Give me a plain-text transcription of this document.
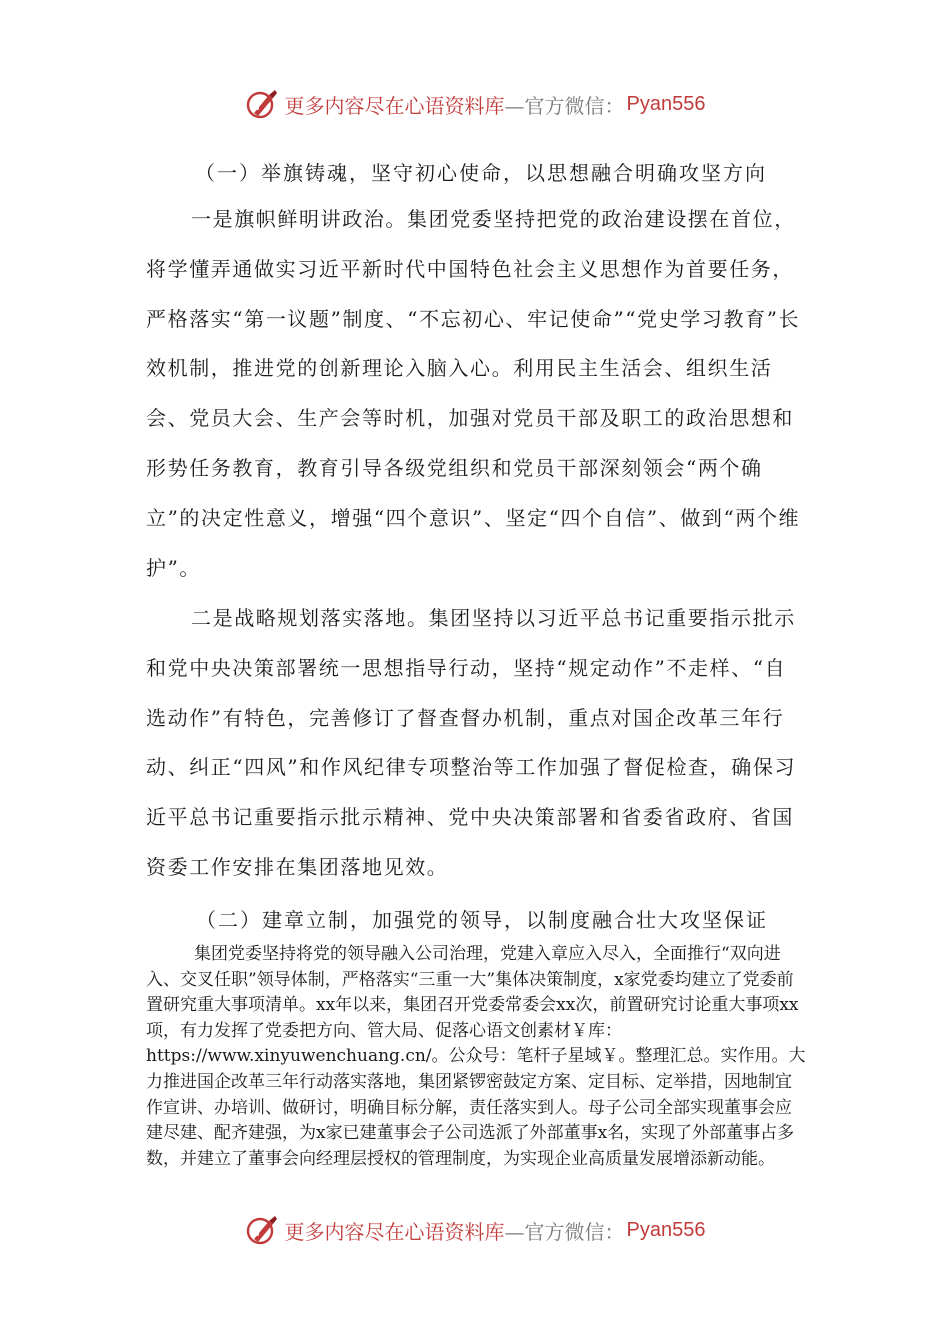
更多内容尽在心语资料库 —官方微信： Pyan556
（一）举旗铸魂，坚守初心使命，以思想融合明确攻坚方向

一是旗帜鲜明讲政治。集团党委坚持把党的政治建设摆在首位，将学懂弄通做实习近平新时代中国特色社会主义思想作为首要任务，严格落实“第一议题”制度、“不忘初心、牢记使命”“党史学习教育”长效机制，推进党的创新理论入脑入心。利用民主生活会、组织生活会、党员大会、生产会等时机，加强对党员干部及职工的政治思想和形势任务教育，教育引导各级党组织和党员干部深刻领会“两个确立”的决定性意义，增强“四个意识”、坚定“四个自信”、做到“两个维护”。

二是战略规划落实落地。集团坚持以习近平总书记重要指示批示和党中央决策部署统一思想指导行动，坚持“规定动作”不走样、“自选动作”有特色，完善修订了督查督办机制，重点对国企改革三年行动、纠正“四风”和作风纪律专项整治等工作加强了督促检查，确保习近平总书记重要指示批示精神、党中央决策部署和省委省政府、省国资委工作安排在集团落地见效。

（二）建章立制，加强党的领导，以制度融合壮大攻坚保证

集团党委坚持将党的领导融入公司治理，党建入章应入尽入，全面推行“双向进入、交叉任职”领导体制，严格落实“三重一大”集体决策制度，x家党委均建立了党委前置研究重大事项清单。xx年以来，集团召开党委常委会xx次，前置研究讨论重大事项xx项，有力发挥了党委把方向、管大局、促落心语文创素材￥库：https://www.xinyuwenchuang.cn/。公众号：笔杆子星域￥。整理汇总。实作用。大力推进国企改革三年行动落实落地，集团紧锣密鼓定方案、定目标、定举措，因地制宜作宣讲、办培训、做研讨，明确目标分解，责任落实到人。母子公司全部实现董事会应建尽建、配齐建强，为x家已建董事会子公司选派了外部董事x名，实现了外部董事占多数，并建立了董事会向经理层授权的管理制度，为实现企业高质量发展增添新动能。

更多内容尽在心语资料库 —官方微信： Pyan556
